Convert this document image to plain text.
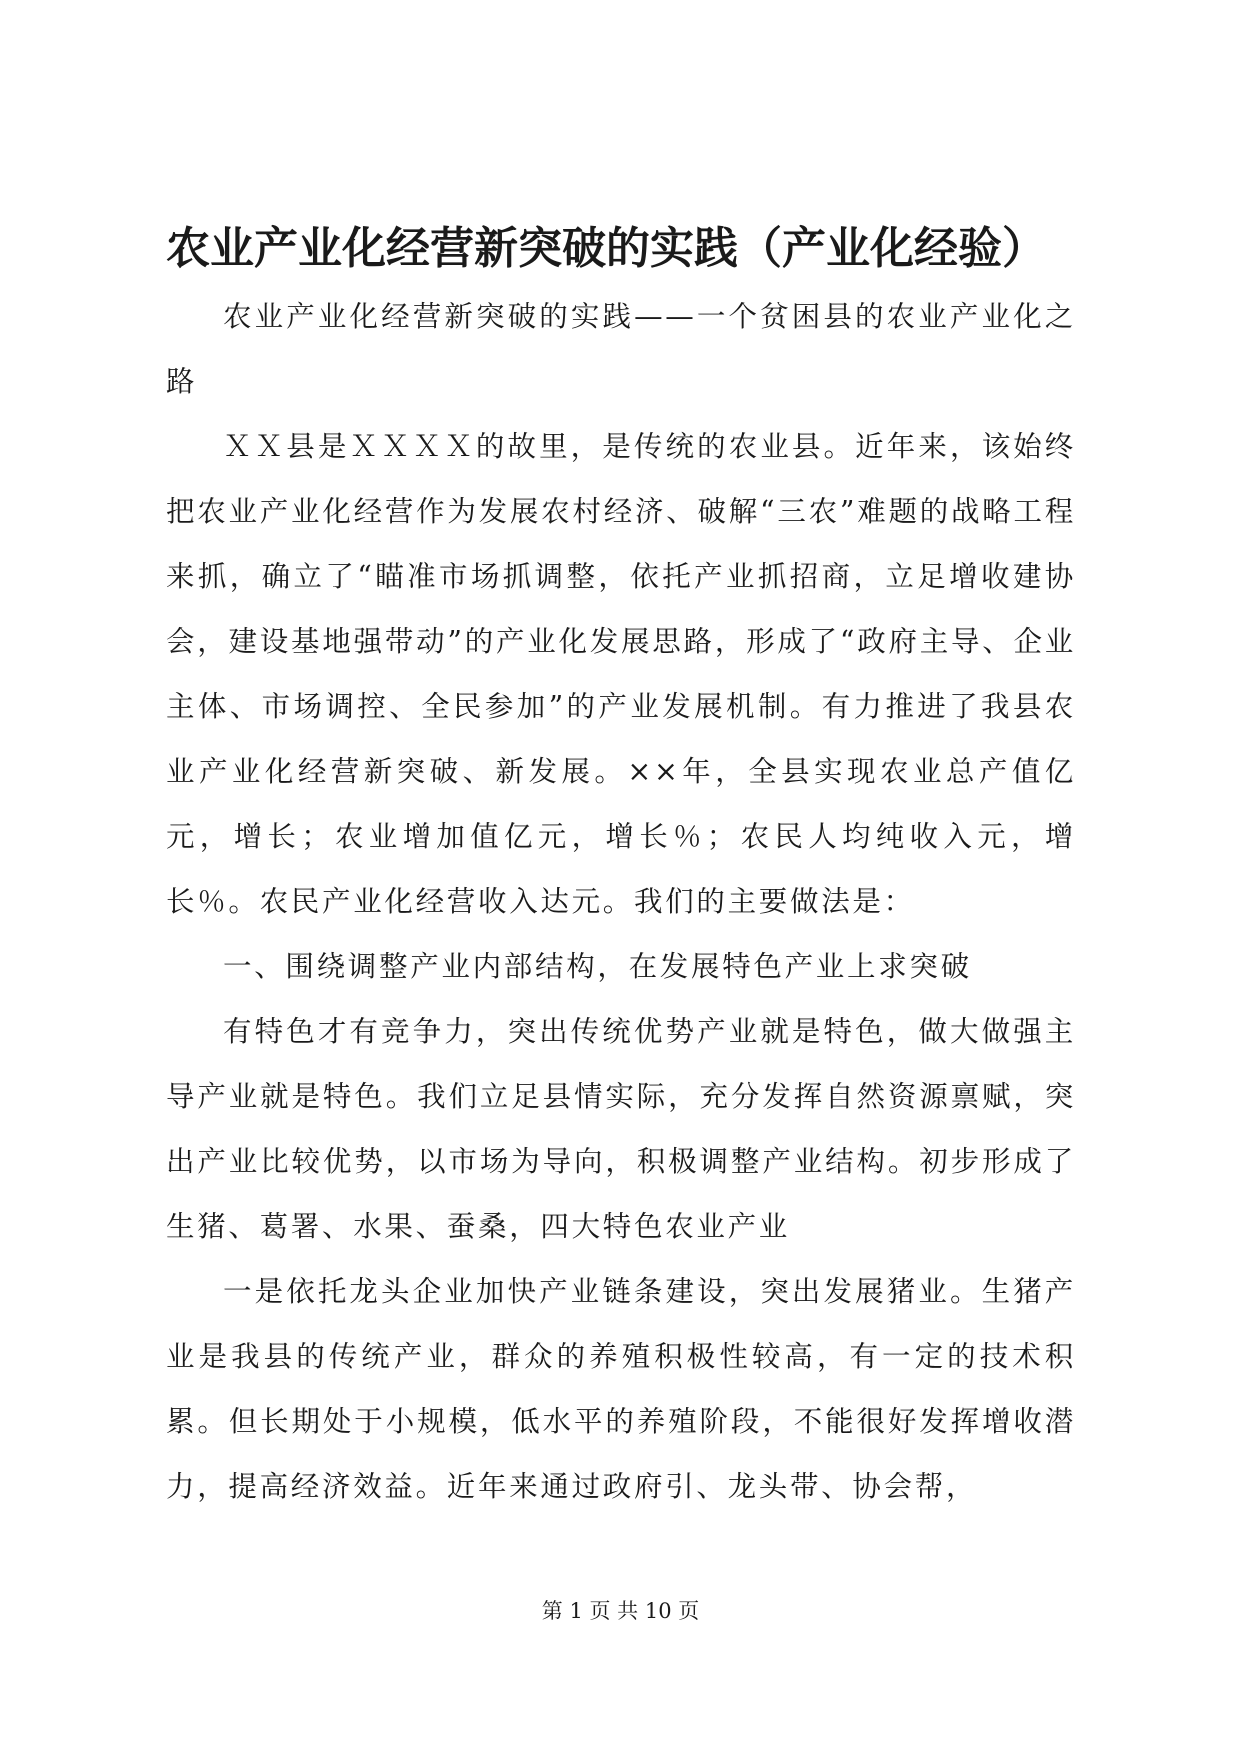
农业产业化经营新突破的实践（产业化经验）

农业产业化经营新突破的实践——一个贫困县的农业产业化之路

ＸＸ县是ＸＸＸＸ的故里，是传统的农业县。近年来，该始终把农业产业化经营作为发展农村经济、破解“三农”难题的战略工程来抓，确立了“瞄准市场抓调整，依托产业抓招商，立足增收建协会，建设基地强带动”的产业化发展思路，形成了“政府主导、企业主体、市场调控、全民参加”的产业发展机制。有力推进了我县农业产业化经营新突破、新发展。××年，全县实现农业总产值亿元，增长；农业增加值亿元，增长％；农民人均纯收入元，增长％。农民产业化经营收入达元。我们的主要做法是：

一、围绕调整产业内部结构，在发展特色产业上求突破

有特色才有竞争力，突出传统优势产业就是特色，做大做强主导产业就是特色。我们立足县情实际，充分发挥自然资源禀赋，突出产业比较优势，以市场为导向，积极调整产业结构。初步形成了生猪、葛署、水果、蚕桑，四大特色农业产业

一是依托龙头企业加快产业链条建设，突出发展猪业。生猪产业是我县的传统产业，群众的养殖积极性较高，有一定的技术积累。但长期处于小规模，低水平的养殖阶段，不能很好发挥增收潜力，提高经济效益。近年来通过政府引、龙头带、协会帮，

第 1 页 共 10 页
